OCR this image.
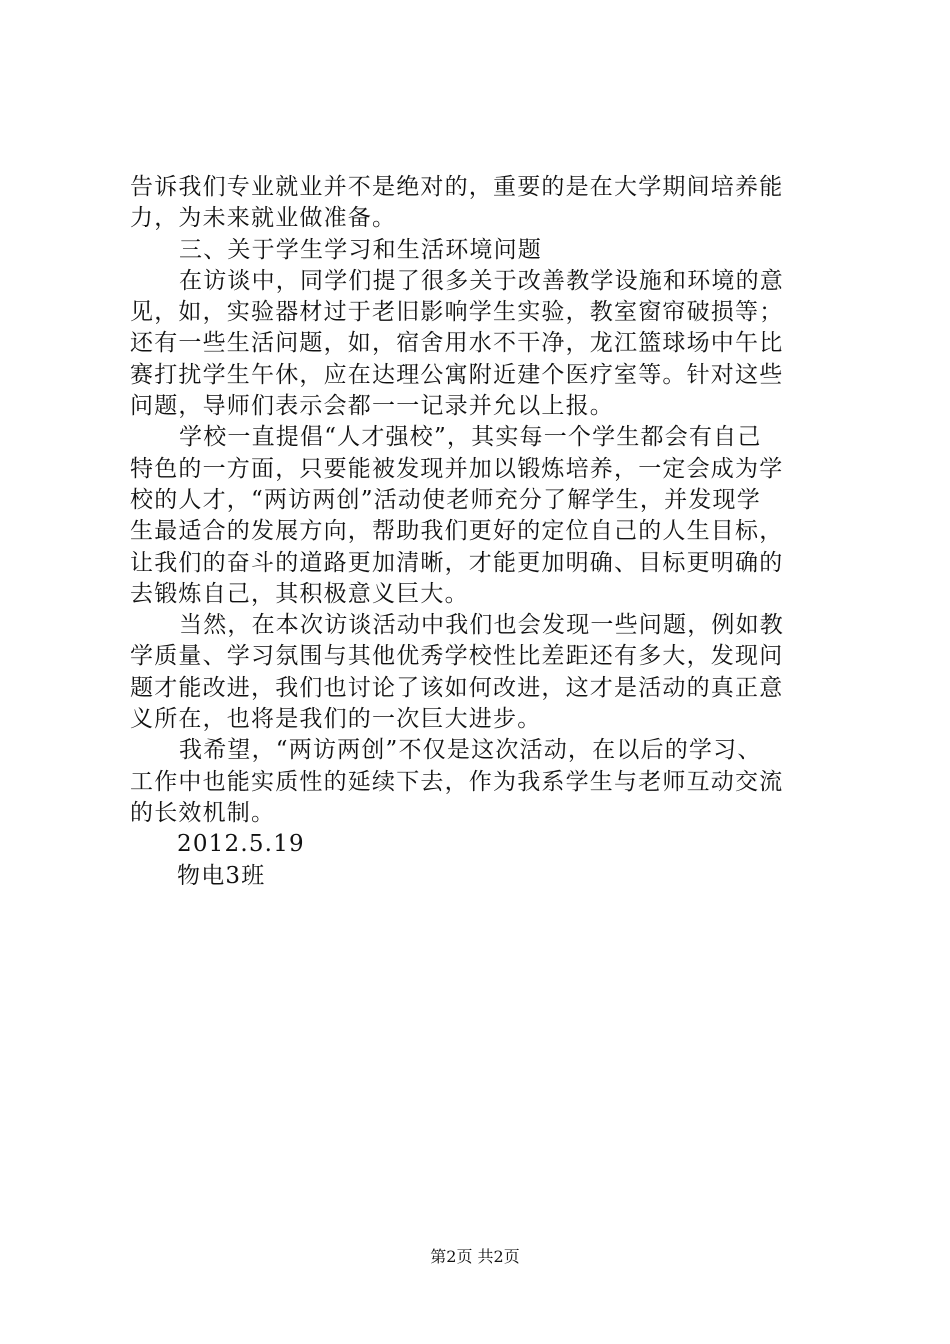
告诉我们专业就业并不是绝对的，重要的是在大学期间培养能
力，为未来就业做准备。
三、关于学生学习和生活环境问题
在访谈中，同学们提了很多关于改善教学设施和环境的意
见，如，实验器材过于老旧影响学生实验，教室窗帘破损等；
还有一些生活问题，如，宿舍用水不干净，龙江篮球场中午比
赛打扰学生午休，应在达理公寓附近建个医疗室等。针对这些
问题，导师们表示会都一一记录并允以上报。
学校一直提倡“人才强校”，其实每一个学生都会有自己
特色的一方面，只要能被发现并加以锻炼培养，一定会成为学
校的人才，“两访两创”活动使老师充分了解学生，并发现学
生最适合的发展方向，帮助我们更好的定位自己的人生目标，
让我们的奋斗的道路更加清晰，才能更加明确、目标更明确的
去锻炼自己，其积极意义巨大。
当然，在本次访谈活动中我们也会发现一些问题，例如教
学质量、学习氛围与其他优秀学校性比差距还有多大，发现问
题才能改进，我们也讨论了该如何改进，这才是活动的真正意
义所在，也将是我们的一次巨大进步。
我希望，“两访两创”不仅是这次活动，在以后的学习、
工作中也能实质性的延续下去，作为我系学生与老师互动交流
的长效机制。
2012.5.19
物电3班
第2页 共2页
